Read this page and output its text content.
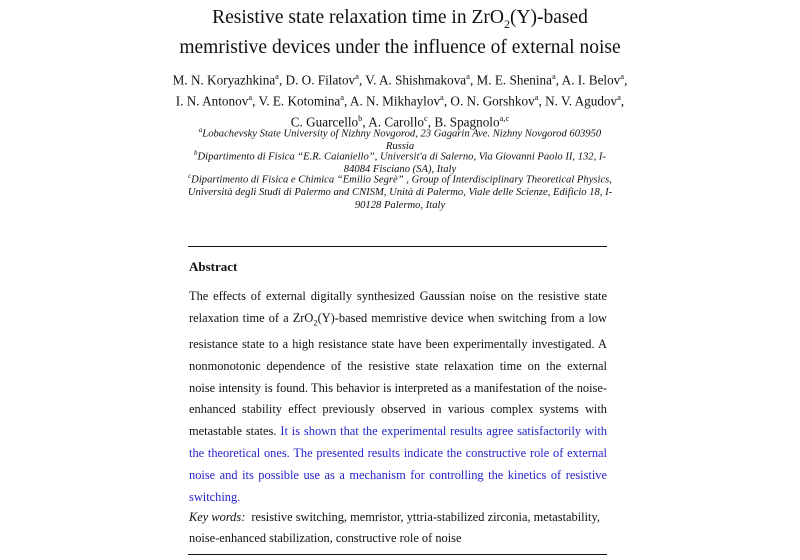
Resistive state relaxation time in ZrO$_2$(Y)-based
memristive devices under the influence of external noise
M. N. Koryazhkina$^a$, D. O. Filatov$^a$, V. A. Shishmakova$^a$, M. E. Shenina$^a$, A. I. Belov$^a$, I. N. Antonov$^a$, V. E. Kotomina$^a$, A. N. Mikhaylov$^a$, O. N. Gorshkov$^a$, N. V. Agudov$^a$, C. Guarcello$^b$, A. Carollo$^c$, B. Spagnolo$^{a,c}$
$^a$Lobachevsky State University of Nizhny Novgorod, 23 Gagarin Ave. Nizhny Novgorod 603950 Russia
$^b$Dipartimento di Fisica “E.R. Caianiello”, Universit'a di Salerno, Via Giovanni Paolo II, 132, I-84084 Fisciano (SA), Italy
$^c$Dipartimento di Fisica e Chimica “Emilio Segrè” , Group of Interdisciplinary Theoretical Physics, Università degli Studi di Palermo and CNISM, Unità di Palermo, Viale delle Scienze, Edificio 18, I-90128 Palermo, Italy
Abstract
The effects of external digitally synthesized Gaussian noise on the resistive state relaxation time of a ZrO$_2$(Y)-based memristive device when switching from a low resistance state to a high resistance state have been experimentally investigated. A nonmonotonic dependence of the resistive state relaxation time on the external noise intensity is found. This behavior is interpreted as a manifestation of the noise-enhanced stability effect previously observed in various complex systems with metastable states. It is shown that the experimental results agree satisfactorily with the theoretical ones. The presented results indicate the constructive role of external noise and its possible use as a mechanism for controlling the kinetics of resistive switching.
Key words: resistive switching, memristor, yttria-stabilized zirconia, metastability, noise-enhanced stabilization, constructive role of noise
